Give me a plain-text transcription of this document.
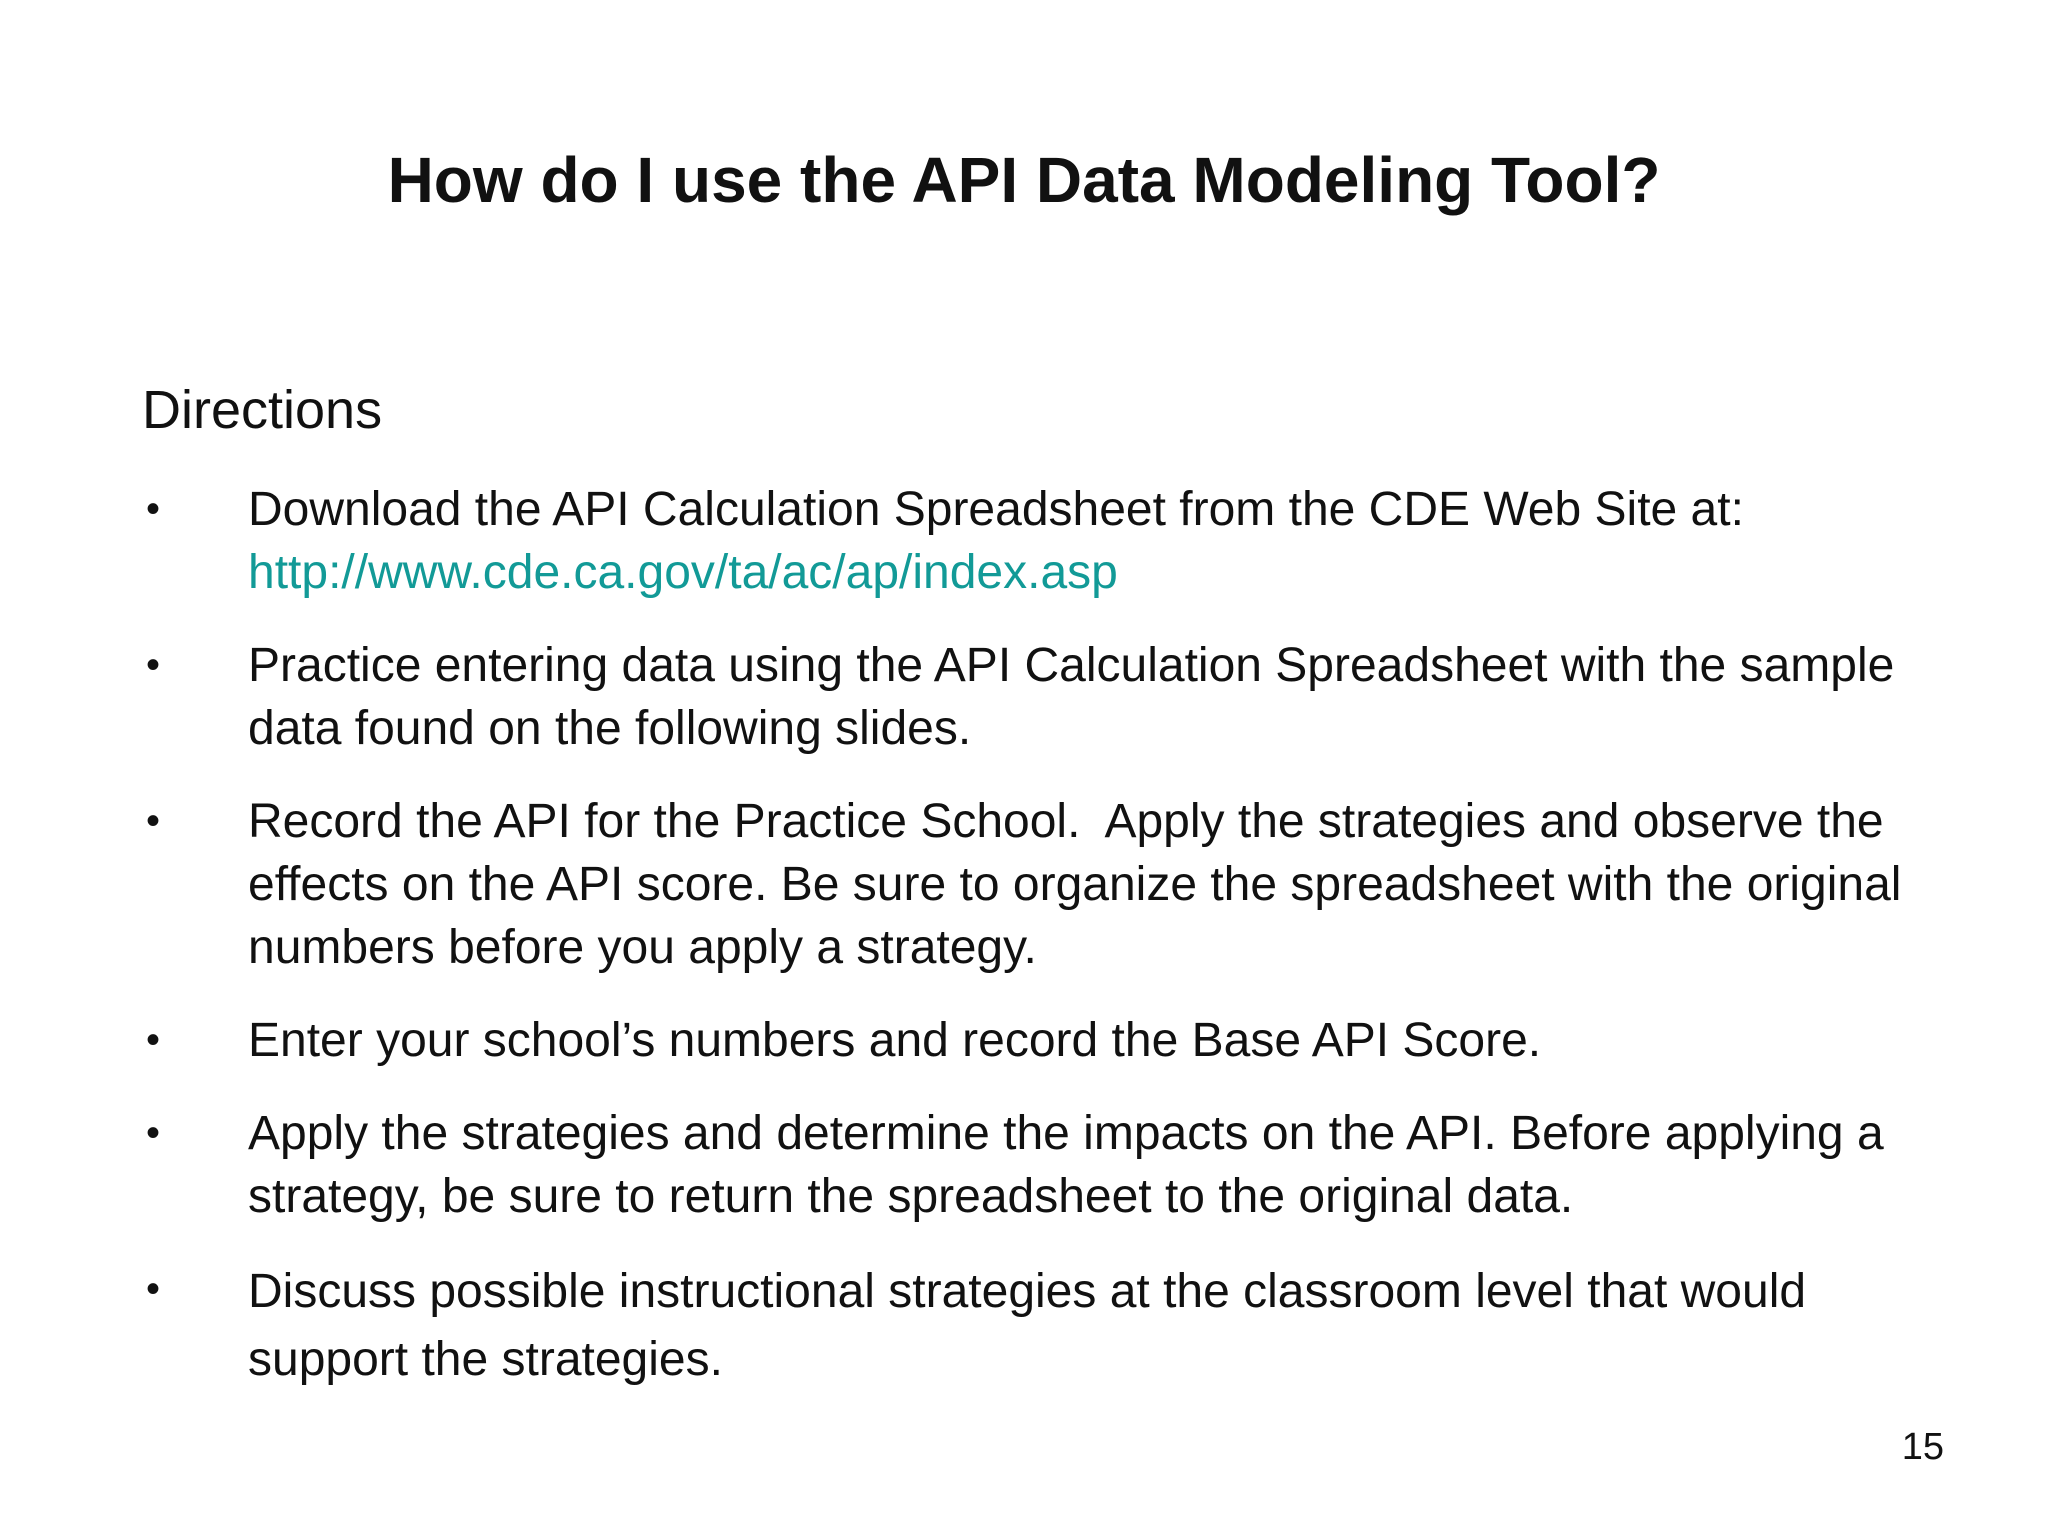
How do I use the API Data Modeling Tool?
Directions
• Download the API Calculation Spreadsheet from the CDE Web Site at:
http://www.cde.ca.gov/ta/ac/ap/index.asp
• Practice entering data using the API Calculation Spreadsheet with the sample data found on the following slides.
• Record the API for the Practice School.  Apply the strategies and observe the effects on the API score. Be sure to organize the spreadsheet with the original numbers before you apply a strategy.
• Enter your school’s numbers and record the Base API Score.
• Apply the strategies and determine the impacts on the API. Before applying a strategy, be sure to return the spreadsheet to the original data.
• Discuss possible instructional strategies at the classroom level that would support the strategies.
15
